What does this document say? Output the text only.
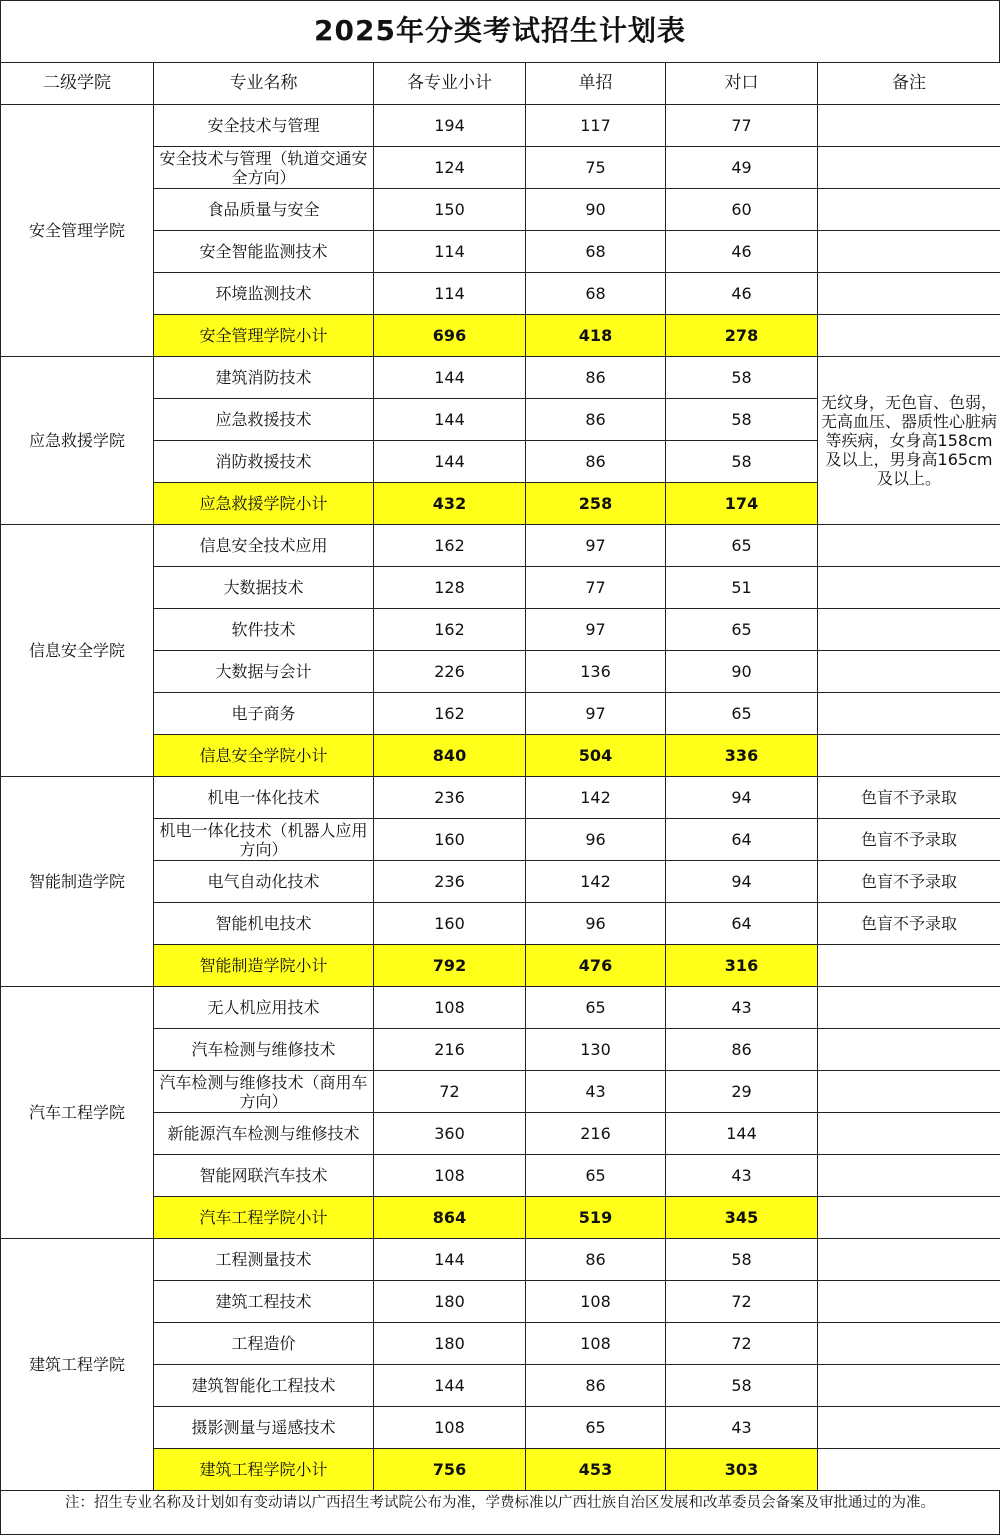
2025年分类考试招生计划表
二级学院	专业名称	各专业小计	单招	对口	备注
安全管理学院	安全技术与管理	194	117	77	
	安全技术与管理（轨道交通安全方向）	124	75	49	
	食品质量与安全	150	90	60	
	安全智能监测技术	114	68	46	
	环境监测技术	114	68	46	
	安全管理学院小计	696	418	278	
应急救援学院	建筑消防技术	144	86	58	无纹身，无色盲、色弱，无高血压、器质性心脏病等疾病，女身高158cm及以上，男身高165cm及以上。
	应急救援技术	144	86	58	
	消防救援技术	144	86	58	
	应急救援学院小计	432	258	174	
信息安全学院	信息安全技术应用	162	97	65	
	大数据技术	128	77	51	
	软件技术	162	97	65	
	大数据与会计	226	136	90	
	电子商务	162	97	65	
	信息安全学院小计	840	504	336	
智能制造学院	机电一体化技术	236	142	94	色盲不予录取
	机电一体化技术（机器人应用方向）	160	96	64	色盲不予录取
	电气自动化技术	236	142	94	色盲不予录取
	智能机电技术	160	96	64	色盲不予录取
	智能制造学院小计	792	476	316	
汽车工程学院	无人机应用技术	108	65	43	
	汽车检测与维修技术	216	130	86	
	汽车检测与维修技术（商用车方向）	72	43	29	
	新能源汽车检测与维修技术	360	216	144	
	智能网联汽车技术	108	65	43	
	汽车工程学院小计	864	519	345	
建筑工程学院	工程测量技术	144	86	58	
	建筑工程技术	180	108	72	
	工程造价	180	108	72	
	建筑智能化工程技术	144	86	58	
	摄影测量与遥感技术	108	65	43	
	建筑工程学院小计	756	453	303	
注：招生专业名称及计划如有变动请以广西招生考试院公布为准，学费标准以广西壮族自治区发展和改革委员会备案及审批通过的为准。
